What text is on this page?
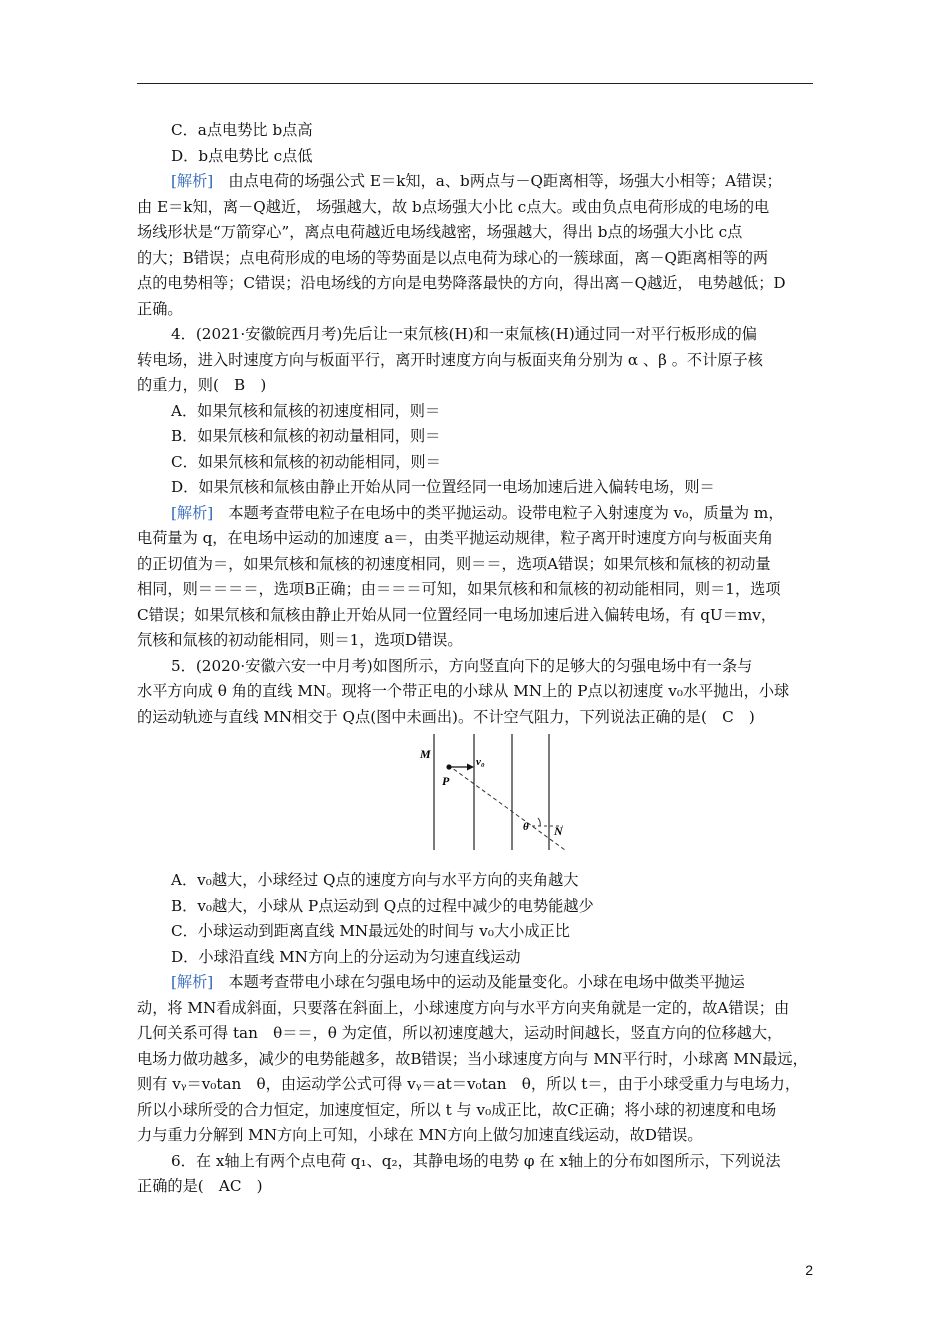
C．a点电势比 b点高

D．b点电势比 c点低

[解析]　由点电荷的场强公式 E＝k知，a、b两点与－Q距离相等，场强大小相等；A错误；

由 E＝k知，离－Q越近， 场强越大，故 b点场强大小比 c点大。或由负点电荷形成的电场的电

场线形状是“万箭穿心”，离点电荷越近电场线越密，场强越大，得出 b点的场强大小比 c点

的大；B错误；点电荷形成的电场的等势面是以点电荷为球心的一簇球面，离－Q距离相等的两

点的电势相等；C错误；沿电场线的方向是电势降落最快的方向，得出离－Q越近， 电势越低；D

正确。

4．(2021·安徽皖西月考)先后让一束氘核(H)和一束氚核(H)通过同一对平行板形成的偏

转电场，进入时速度方向与板面平行，离开时速度方向与板面夹角分别为 α 、β 。不计原子核

的重力，则(　B　)

A．如果氘核和氚核的初速度相同，则＝

B．如果氘核和氚核的初动量相同，则＝

C．如果氘核和氚核的初动能相同，则＝

D．如果氘核和氚核由静止开始从同一位置经同一电场加速后进入偏转电场，则＝

[解析]　本题考查带电粒子在电场中的类平抛运动。设带电粒子入射速度为 v₀，质量为 m，

电荷量为 q，在电场中运动的加速度 a＝，由类平抛运动规律，粒子离开时速度方向与板面夹角

的正切值为＝，如果氘核和氚核的初速度相同，则＝＝，选项A错误；如果氘核和氚核的初动量

相同，则＝＝＝＝，选项B正确；由＝＝＝可知，如果氘核和和氚核的初动能相同，则＝1，选项

C错误；如果氘核和氚核由静止开始从同一位置经同一电场加速后进入偏转电场，有 qU＝mv，

氘核和氚核的初动能相同，则＝1，选项D错误。

5．(2020·安徽六安一中月考)如图所示，方向竖直向下的足够大的匀强电场中有一条与

水平方向成 θ 角的直线 MN。现将一个带正电的小球从 MN上的 P点以初速度 v₀水平抛出，小球

的运动轨迹与直线 MN相交于 Q点(图中未画出)。不计空气阻力，下列说法正确的是(　C　)

M
P
v₀
θ N

A．v₀越大，小球经过 Q点的速度方向与水平方向的夹角越大

B．v₀越大，小球从 P点运动到 Q点的过程中减少的电势能越少

C．小球运动到距离直线 MN最远处的时间与 v₀大小成正比

D．小球沿直线 MN方向上的分运动为匀速直线运动

[解析]　本题考查带电小球在匀强电场中的运动及能量变化。小球在电场中做类平抛运

动，将 MN看成斜面，只要落在斜面上，小球速度方向与水平方向夹角就是一定的，故A错误；由

几何关系可得 tan　θ＝＝，θ 为定值，所以初速度越大，运动时间越长，竖直方向的位移越大，

电场力做功越多，减少的电势能越多，故B错误；当小球速度方向与 MN平行时，小球离 MN最远，

则有 vᵧ＝v₀tan　θ，由运动学公式可得 vᵧ＝at＝v₀tan　θ，所以 t＝，由于小球受重力与电场力，

所以小球所受的合力恒定，加速度恒定，所以 t 与 v₀成正比，故C正确；将小球的初速度和电场

力与重力分解到 MN方向上可知，小球在 MN方向上做匀加速直线运动，故D错误。

6．在 x轴上有两个点电荷 q₁、q₂，其静电场的电势 φ 在 x轴上的分布如图所示，下列说法

正确的是(　AC　)

2
